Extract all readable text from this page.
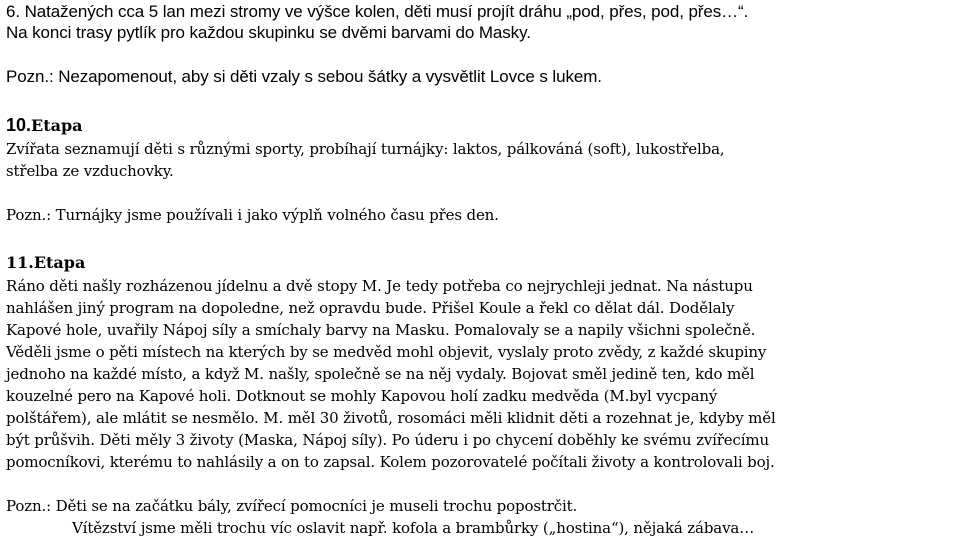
6. Natažených cca 5 lan mezi stromy ve výšce kolen, děti musí projít dráhu „pod, přes, pod, přes…“.
Na konci trasy pytlík pro každou skupinku se dvěmi barvami do Masky.
Pozn.: Nezapomenout, aby si děti vzaly s sebou šátky a vysvětlit Lovce s lukem.
10.Etapa
Zvířata seznamují děti s různými sporty, probíhají turnájky: laktos, pálkováná (soft), lukostřelba,
střelba ze vzduchovky.
Pozn.: Turnájky jsme používali i jako výplň volného času přes den.
11.Etapa
Ráno děti našly rozházenou jídelnu a dvě stopy M. Je tedy potřeba co nejrychleji jednat. Na nástupu
nahlášen jiný program na dopoledne, než opravdu bude. Přišel Koule a řekl co dělat dál. Dodělaly
Kapové hole, uvařily Nápoj síly a smíchaly barvy na Masku. Pomalovaly se a napily všichni společně.
Věděli jsme o pěti místech na kterých by se medvěd mohl objevit, vyslaly proto zvědy, z každé skupiny
jednoho na každé místo, a když M. našly, společně se na něj vydaly. Bojovat směl jedině ten, kdo měl
kouzelné pero na Kapové holi. Dotknout se mohly Kapovou holí zadku medvěda (M.byl vycpaný
polštářem), ale mlátit se nesmělo. M. měl 30 životů, rosomáci měli klidnit děti a rozehnat je, kdyby měl
být průšvih. Děti měly 3 životy (Maska, Nápoj síly). Po úderu i po chycení doběhly ke svému zvířecímu
pomocníkovi, kterému to nahlásily a on to zapsal. Kolem pozorovatelé počítali životy a kontrolovali boj.
Pozn.: Děti se na začátku bály, zvířecí pomocníci je museli trochu popostrčit.
Vítězství jsme měli trochu víc oslavit např. kofola a brambůrky („hostina“), nějaká zábava…
